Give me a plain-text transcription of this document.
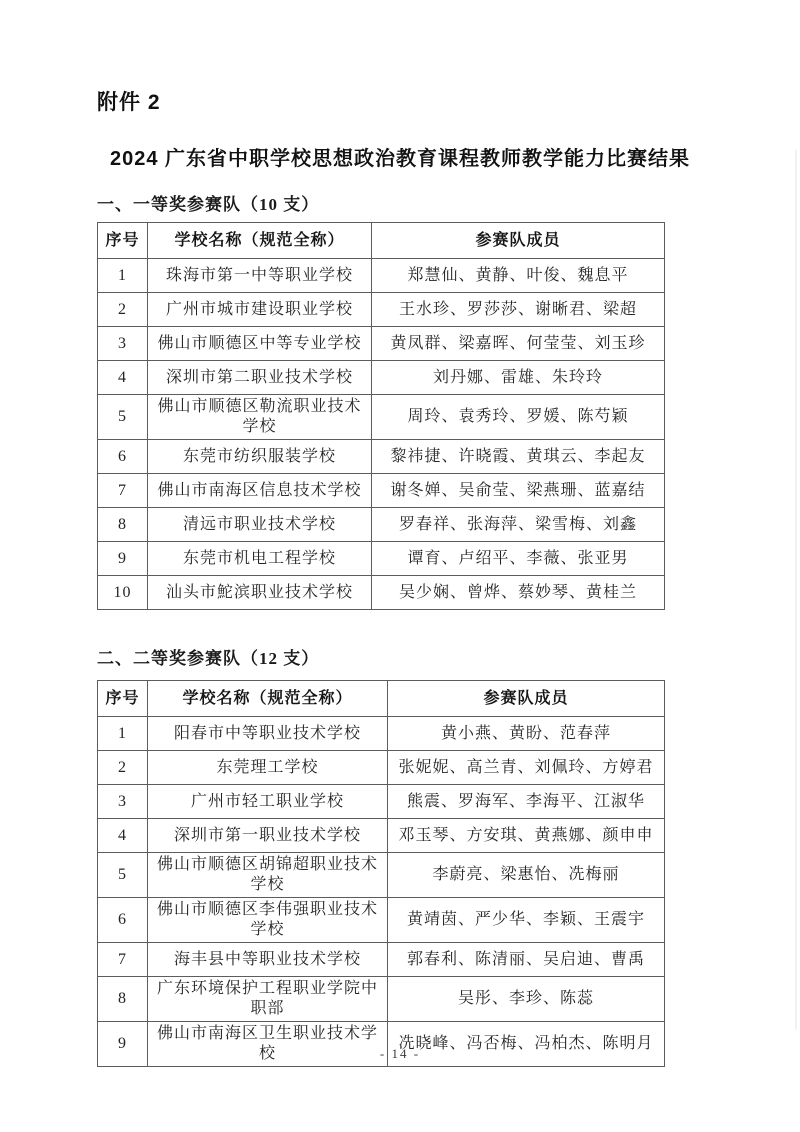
附件 2
2024 广东省中职学校思想政治教育课程教师教学能力比赛结果
一、一等奖参赛队（10 支）
序号	学校名称（规范全称）	参赛队成员
1	珠海市第一中等职业学校	郑慧仙、黄静、叶俊、魏息平
2	广州市城市建设职业学校	王水珍、罗莎莎、谢晰君、梁超
3	佛山市顺德区中等专业学校	黄凤群、梁嘉晖、何莹莹、刘玉珍
4	深圳市第二职业技术学校	刘丹娜、雷雄、朱玲玲
5	佛山市顺德区勒流职业技术学校	周玲、袁秀玲、罗媛、陈芍颖
6	东莞市纺织服装学校	黎祎捷、许晓霞、黄琪云、李起友
7	佛山市南海区信息技术学校	谢冬婵、吴俞莹、梁燕珊、蓝嘉结
8	清远市职业技术学校	罗春祥、张海萍、梁雪梅、刘鑫
9	东莞市机电工程学校	谭育、卢绍平、李薇、张亚男
10	汕头市鮀滨职业技术学校	吴少娴、曾烨、蔡妙琴、黄桂兰
二、二等奖参赛队（12 支）
序号	学校名称（规范全称）	参赛队成员
1	阳春市中等职业技术学校	黄小燕、黄盼、范春萍
2	东莞理工学校	张妮妮、高兰青、刘佩玲、方婷君
3	广州市轻工职业学校	熊震、罗海军、李海平、江淑华
4	深圳市第一职业技术学校	邓玉琴、方安琪、黄燕娜、颜申申
5	佛山市顺德区胡锦超职业技术学校	李蔚亮、梁惠怡、冼梅丽
6	佛山市顺德区李伟强职业技术学校	黄靖茵、严少华、李颖、王震宇
7	海丰县中等职业技术学校	郭春利、陈清丽、吴启迪、曹禹
8	广东环境保护工程职业学院中职部	吴彤、李珍、陈蕊
9	佛山市南海区卫生职业技术学校	冼晓峰、冯否梅、冯柏杰、陈明月
- 14 -
